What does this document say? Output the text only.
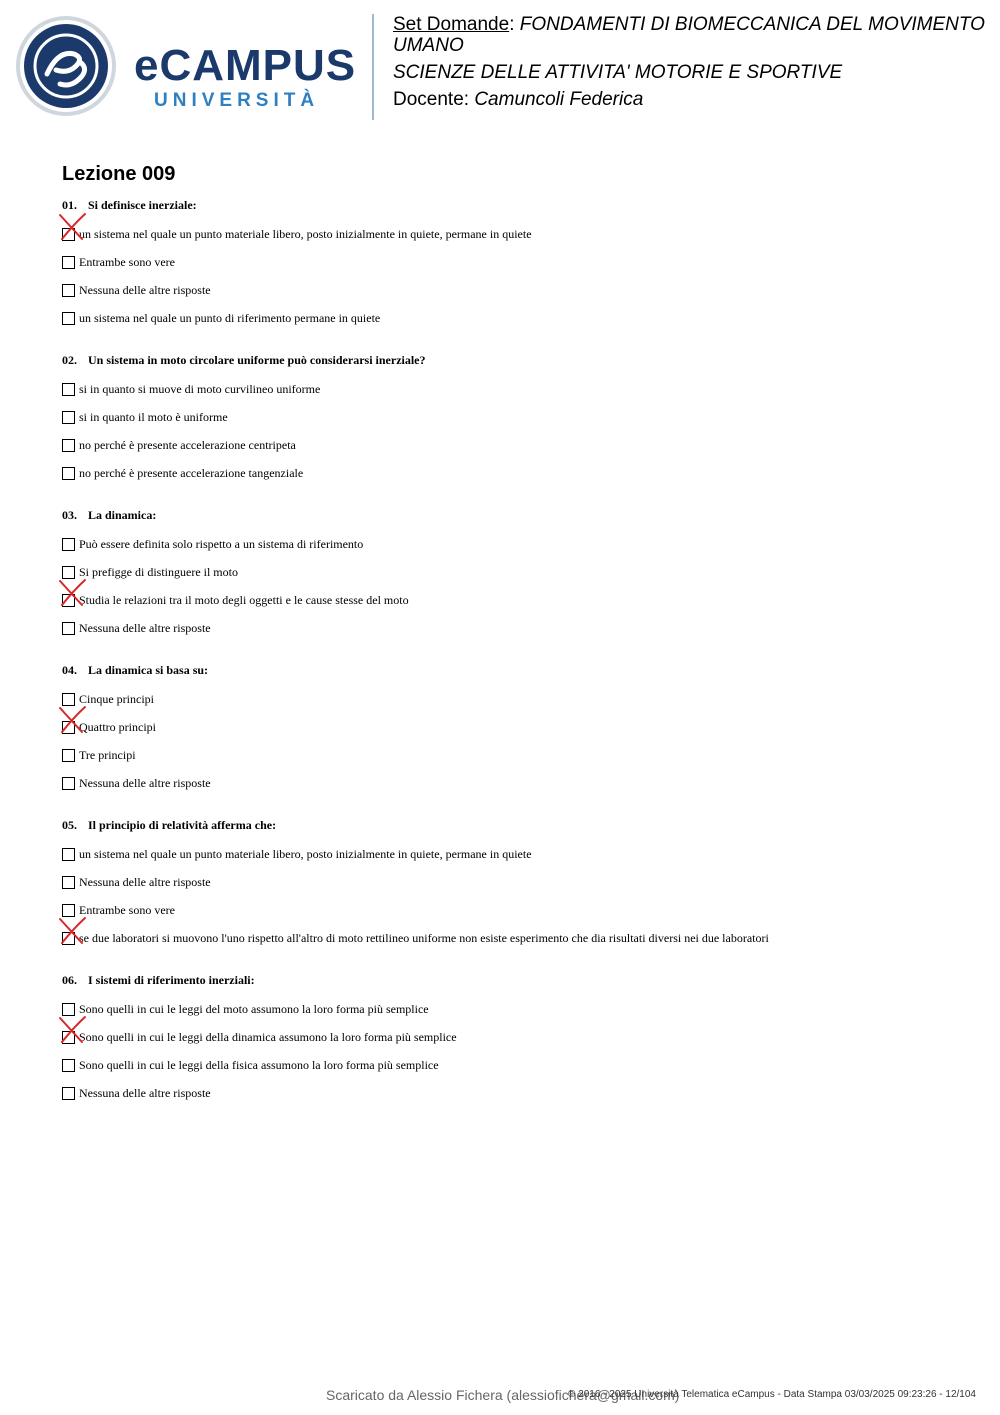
eCAMPUS
UNIVERSITÀ
Set Domande: FONDAMENTI DI BIOMECCANICA DEL MOVIMENTO UMANO
SCIENZE DELLE ATTIVITA' MOTORIE E SPORTIVE
Docente: Camuncoli Federica
Lezione 009
01. Si definisce inerziale:
un sistema nel quale un punto materiale libero, posto inizialmente in quiete, permane in quiete
Entrambe sono vere
Nessuna delle altre risposte
un sistema nel quale un punto di riferimento permane in quiete
02. Un sistema in moto circolare uniforme può considerarsi inerziale?
si in quanto si muove di moto curvilineo uniforme
si in quanto il moto è uniforme
no perché è presente accelerazione centripeta
no perché è presente accelerazione tangenziale
03. La dinamica:
Può essere definita solo rispetto a un sistema di riferimento
Si prefigge di distinguere il moto
Studia le relazioni tra il moto degli oggetti e le cause stesse del moto
Nessuna delle altre risposte
04. La dinamica si basa su:
Cinque principi
Quattro principi
Tre principi
Nessuna delle altre risposte
05. Il principio di relatività afferma che:
un sistema nel quale un punto materiale libero, posto inizialmente in quiete, permane in quiete
Nessuna delle altre risposte
Entrambe sono vere
se due laboratori si muovono l'uno rispetto all'altro di moto rettilineo uniforme non esiste esperimento che dia risultati diversi nei due laboratori
06. I sistemi di riferimento inerziali:
Sono quelli in cui le leggi del moto assumono la loro forma più semplice
Sono quelli in cui le leggi della dinamica assumono la loro forma più semplice
Sono quelli in cui le leggi della fisica assumono la loro forma più semplice
Nessuna delle altre risposte
Scaricato da Alessio Fichera (alessiofichera@gmail.com)
© 2016 - 2025 Università Telematica eCampus - Data Stampa 03/03/2025 09:23:26 - 12/104
